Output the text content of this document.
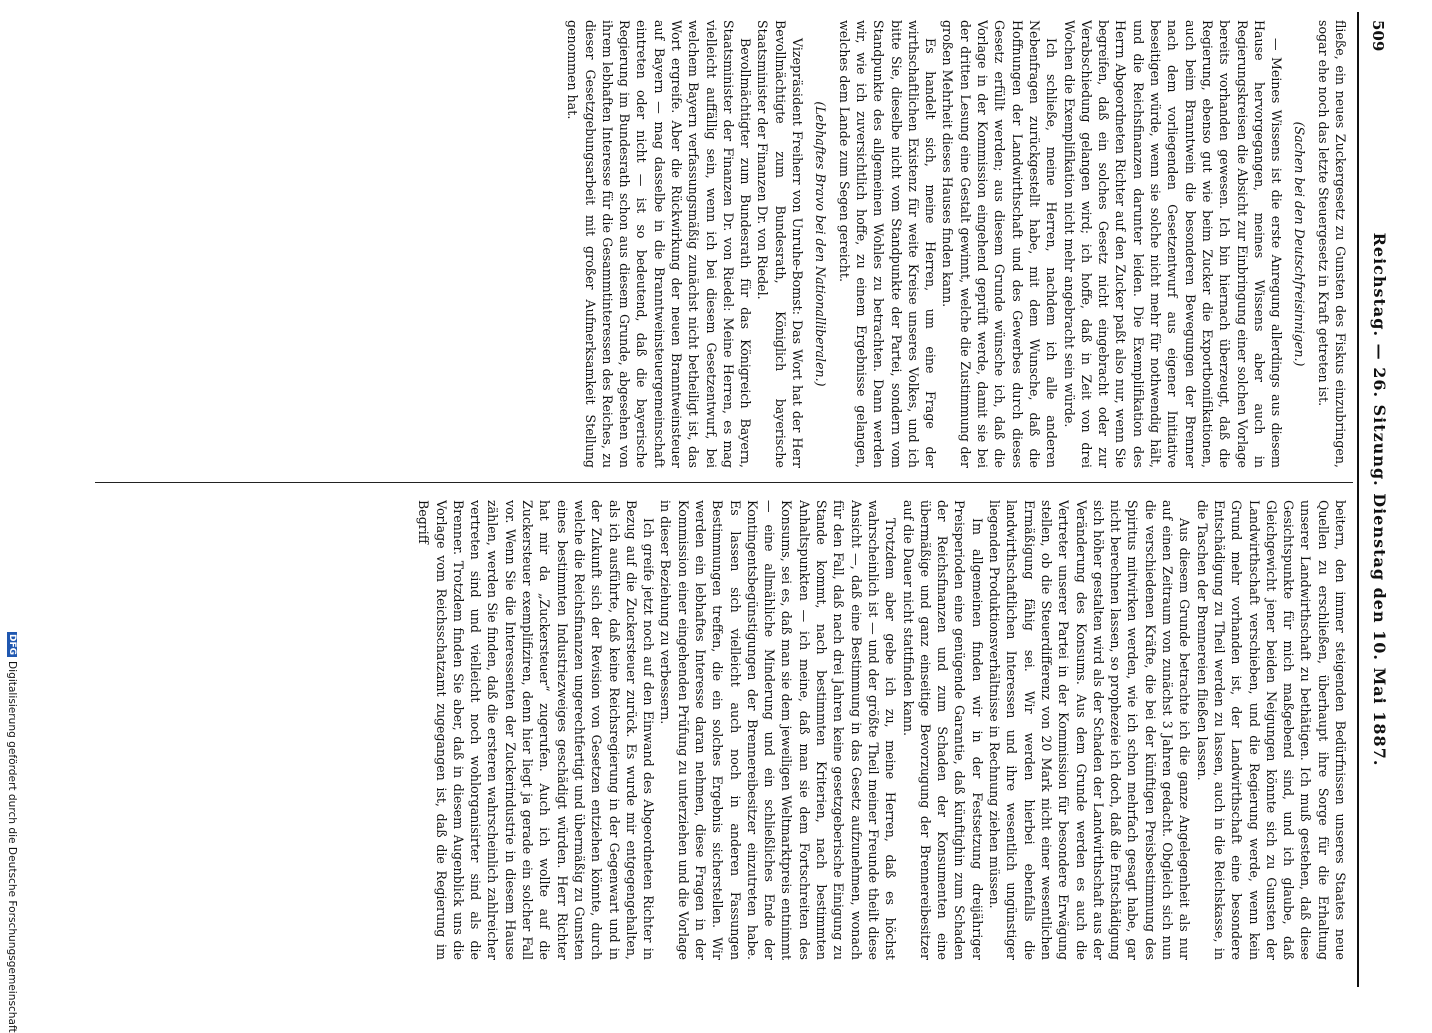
DFGDigitalisierung gefördert durch die Deutsche Forschungsgemeinschaft
509
Reichstag. — 26. Sitzung. Dienstag den 10. Mai 1887.

fließe, ein neues Zuckergesetz zu Gunsten des Fiskus einzubringen, sogar ehe noch das letzte Steuergesetz in Kraft getreten ist.

(Sachen bei den Deutschfreisinnigen.)

— Meines Wissens ist die erste Anregung allerdings aus diesem Hause hervorgegangen, meines Wissens aber auch in Regierungskreisen die Absicht zur Einbringung einer solchen Vorlage bereits vorhanden gewesen. Ich bin hiernach überzeugt, daß die Regierung, ebenso gut wie beim Zucker die Exportbonifikationen, auch beim Branntwein die besonderen Bewegungen der Brenner nach dem vorliegenden Gesetzentwurf aus eigener Initiative beseitigen würde, wenn sie solche nicht mehr für nothwendig hält, und die Reichsfinanzen darunter leiden. Die Exemplifikation des Herrn Abgeordneten Richter auf den Zucker paßt also nur, wenn Sie begreifen, daß ein solches Gesetz nicht eingebracht oder zur Verabschiedung gelangen wird; ich hoffe, daß in Zeit von drei Wochen die Exemplifikation nicht mehr angebracht sein würde.

Ich schließe, meine Herren, nachdem ich alle anderen Nebenfragen zurückgestellt habe, mit dem Wunsche, daß die Hoffnungen der Landwirthschaft und des Gewerbes durch dieses Gesetz erfüllt werden; aus diesem Grunde wünsche ich, daß die Vorlage in der Kommission eingehend geprüft werde, damit sie bei der dritten Lesung eine Gestalt gewinnt, welche die Zustimmung der großen Mehrheit dieses Hauses finden kann.

Es handelt sich, meine Herren, um eine Frage der wirthschaftlichen Existenz für weite Kreise unseres Volkes, und ich bitte Sie, dieselbe nicht vom Standpunkte der Partei, sondern vom Standpunkte des allgemeinen Wohles zu betrachten. Dann werden wir, wie ich zuversichtlich hoffe, zu einem Ergebnisse gelangen, welches dem Lande zum Segen gereicht.

(Lebhaftes Bravo bei den Nationalliberalen.)

Vizepräsident Freiherr von Unruhe-Bomst: Das Wort hat der Herr Bevollmächtigte zum Bundesrath, Königlich bayerische Staatsminister der Finanzen Dr. von Riedel.

Bevollmächtigter zum Bundesrath für das Königreich Bayern, Staatsminister der Finanzen Dr. von Riedel: Meine Herren, es mag vielleicht auffällig sein, wenn ich bei diesem Gesetzentwurf, bei welchem Bayern verfassungsmäßig zunächst nicht betheiligt ist, das Wort ergreife. Aber die Rückwirkung der neuen Branntweinsteuer auf Bayern — mag dasselbe in die Branntweinsteuergemeinschaft eintreten oder nicht — ist so bedeutend, daß die bayerische Regierung im Bundesrath schon aus diesem Grunde, abgesehen von ihrem lebhaften Interesse für die Gesammtinteressen des Reiches, zu dieser Gesetzgebungsarbeit mit großer Aufmerksamkeit Stellung genommen hat.

beitern, den immer steigenden Bedürfnissen unseres Staates neue Quellen zu erschließen, überhaupt ihre Sorge für die Erhaltung unserer Landwirthschaft zu bethätigen. Ich muß gestehen, daß diese Gesichtspunkte für mich maßgebend sind, und ich glaube, daß Gleichgewicht jener beiden Neigungen könnte sich zu Gunsten der Landwirthschaft verschieben, und die Regierung werde, wenn kein Grund mehr vorhanden ist, der Landwirthschaft eine besondere Entschädigung zu Theil werden zu lassen, auch in die Reichskasse, in die Taschen der Brennereien fließen lassen.

Aus diesem Grunde betrachte ich die ganze Angelegenheit als nur auf einen Zeitraum von zunächst 3 Jahren gedacht. Obgleich sich nun die verschiedenen Kräfte, die bei der künftigen Preisbestimmung des Spiritus mitwirken werden, wie ich schon mehrfach gesagt habe, gar nicht berechnen lassen, so prophezeie ich doch, daß die Entschädigung sich höher gestalten wird als der Schaden der Landwirthschaft aus der Veränderung des Konsums. Aus dem Grunde werden es auch die Vertreter unserer Partei in der Kommission für besondere Erwägung stellen, ob die Steuerdifferenz von 20 Mark nicht einer wesentlichen Ermäßigung fähig sei. Wir werden hierbei ebenfalls die landwirthschaftlichen Interessen und ihre wesentlich ungünstiger liegenden Produktionsverhältnisse in Rechnung ziehen müssen.

Im allgemeinen finden wir in der Festsetzung dreijähriger Preisperioden eine genügende Garantie, daß künftighin zum Schaden der Reichsfinanzen und zum Schaden der Konsumenten eine übermäßige und ganz einseitige Bevorzugung der Brennereibesitzer auf die Dauer nicht stattfinden kann.

Trotzdem aber gebe ich zu, meine Herren, daß es höchst wahrscheinlich ist — und der größte Theil meiner Freunde theilt diese Ansicht —, daß eine Bestimmung in das Gesetz aufzunehmen, wonach für den Fall, daß nach drei Jahren keine gesetzgeberische Einigung zu Stande kommt, nach bestimmten Kriterien, nach bestimmten Anhaltspunkten — ich meine, daß man sie dem Fortschreiten des Konsums, sei es, daß man sie dem jeweiligen Weltmarktpreis entnimmt — eine allmähliche Minderung und ein schließliches Ende der Kontingentsbegünstigungen der Brennereibesitzer einzutreten habe. Es lassen sich vielleicht auch noch in anderen Fassungen Bestimmungen treffen, die ein solches Ergebnis sicherstellen. Wir werden ein lebhaftes Interesse daran nehmen, diese Fragen in der Kommission einer eingehenden Prüfung zu unterziehen und die Vorlage in dieser Beziehung zu verbessern.

Ich greife jetzt noch auf den Einwand des Abgeordneten Richter in Bezug auf die Zuckersteuer zurück. Es wurde mir entgegengehalten, als ich ausführte, daß keine Reichsregierung in der Gegenwart und in der Zukunft sich der Revision von Gesetzen entziehen könnte, durch welche die Reichsfinanzen ungerechtfertigt und übermäßig zu Gunsten eines bestimmten Industriezweiges geschädigt würden. Herr Richter hat mir da „Zuckersteuer“ zugerufen. Auch ich wollte auf die Zuckersteuer exemplifiziren, denn hier liegt ja gerade ein solcher Fall vor. Wenn Sie die Interessenten der Zuckerindustrie in diesem Hause zählen, werden Sie finden, daß die ersteren wahrscheinlich zahlreicher vertreten sind und vielleicht noch wohlorganisirter sind als die Brenner. Trotzdem finden Sie aber, daß in diesem Augenblick uns die Vorlage vom Reichsschatzamt zugegangen ist, daß die Regierung im Begriff
